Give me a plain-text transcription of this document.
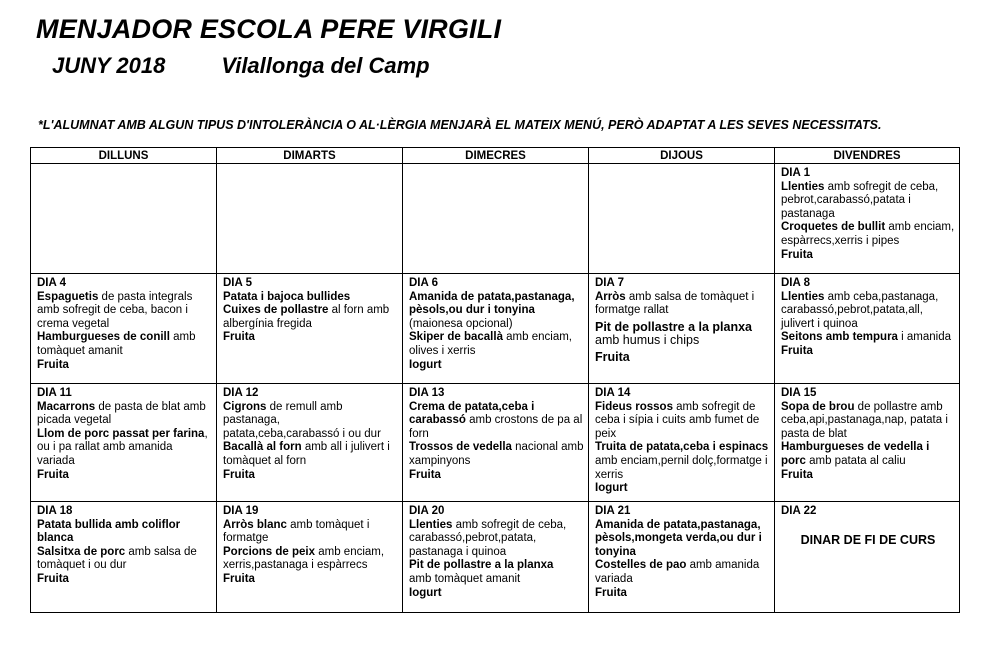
MENJADOR ESCOLA PERE VIRGILI
JUNY 2018	Vilallonga del Camp
*L'ALUMNAT AMB ALGUN TIPUS D'INTOLERÀNCIA O AL·LÈRGIA MENJARÀ EL MATEIX MENÚ, PERÒ ADAPTAT A LES SEVES NECESSITATS.
DILLUNS	DIMARTS	DIMECRES	DIJOUS	DIVENDRES

				DIA 1
Llenties amb sofregit de ceba, pebrot,carabassó,patata i pastanaga
Croquetes de bullit amb enciam, espàrrecs,xerris i pipes
Fruita

DIA 4
Espaguetis de pasta integrals amb sofregit de ceba, bacon i crema vegetal
Hamburgueses de conill amb tomàquet amanit
Fruita	DIA 5
Patata i bajoca bullides
Cuixes de pollastre al forn amb albergínia fregida
Fruita	DIA 6
Amanida de patata,pastanaga, pèsols,ou dur i tonyina
(maionesa opcional)
Skiper de bacallà amb enciam, olives i xerris
Iogurt	DIA 7
Arròs amb salsa de tomàquet i formatge rallat
Pit de pollastre a la planxa
amb humus i chips
Fruita	DIA 8
Llenties amb ceba,pastanaga, carabassó,pebrot,patata,all, julivert i quinoa
Seitons amb tempura i amanida
Fruita

DIA 11
Macarrons de pasta de blat amb picada vegetal
Llom de porc passat per farina, ou i pa rallat amb amanida variada
Fruita	DIA 12
Cigrons de remull amb pastanaga, patata,ceba,carabassó i ou dur
Bacallà al forn amb all i julivert i tomàquet al forn
Fruita	DIA 13
Crema de patata,ceba i carabassó amb crostons de pa al forn
Trossos de vedella nacional amb xampinyons
Fruita	DIA 14
Fideus rossos amb sofregit de ceba i sípia i cuits amb fumet de peix
Truita de patata,ceba i espinacs amb enciam,pernil dolç,formatge i xerris
Iogurt	DIA 15
Sopa de brou de pollastre amb ceba,api,pastanaga,nap, patata i pasta de blat
Hamburgueses de vedella i porc amb patata al caliu
Fruita

DIA 18
Patata bullida amb coliflor blanca
Salsitxa de porc amb salsa de tomàquet i ou dur
Fruita	DIA 19
Arròs blanc amb tomàquet i formatge
Porcions de peix amb enciam, xerris,pastanaga i espàrrecs
Fruita	DIA 20
Llenties amb sofregit de ceba, carabassó,pebrot,patata, pastanaga i quinoa
Pit de pollastre a la planxa
amb tomàquet amanit
Iogurt	DIA 21
Amanida de patata,pastanaga, pèsols,mongeta verda,ou dur i tonyina
Costelles de pao amb amanida variada
Fruita	DIA 22
DINAR DE FI DE CURS
